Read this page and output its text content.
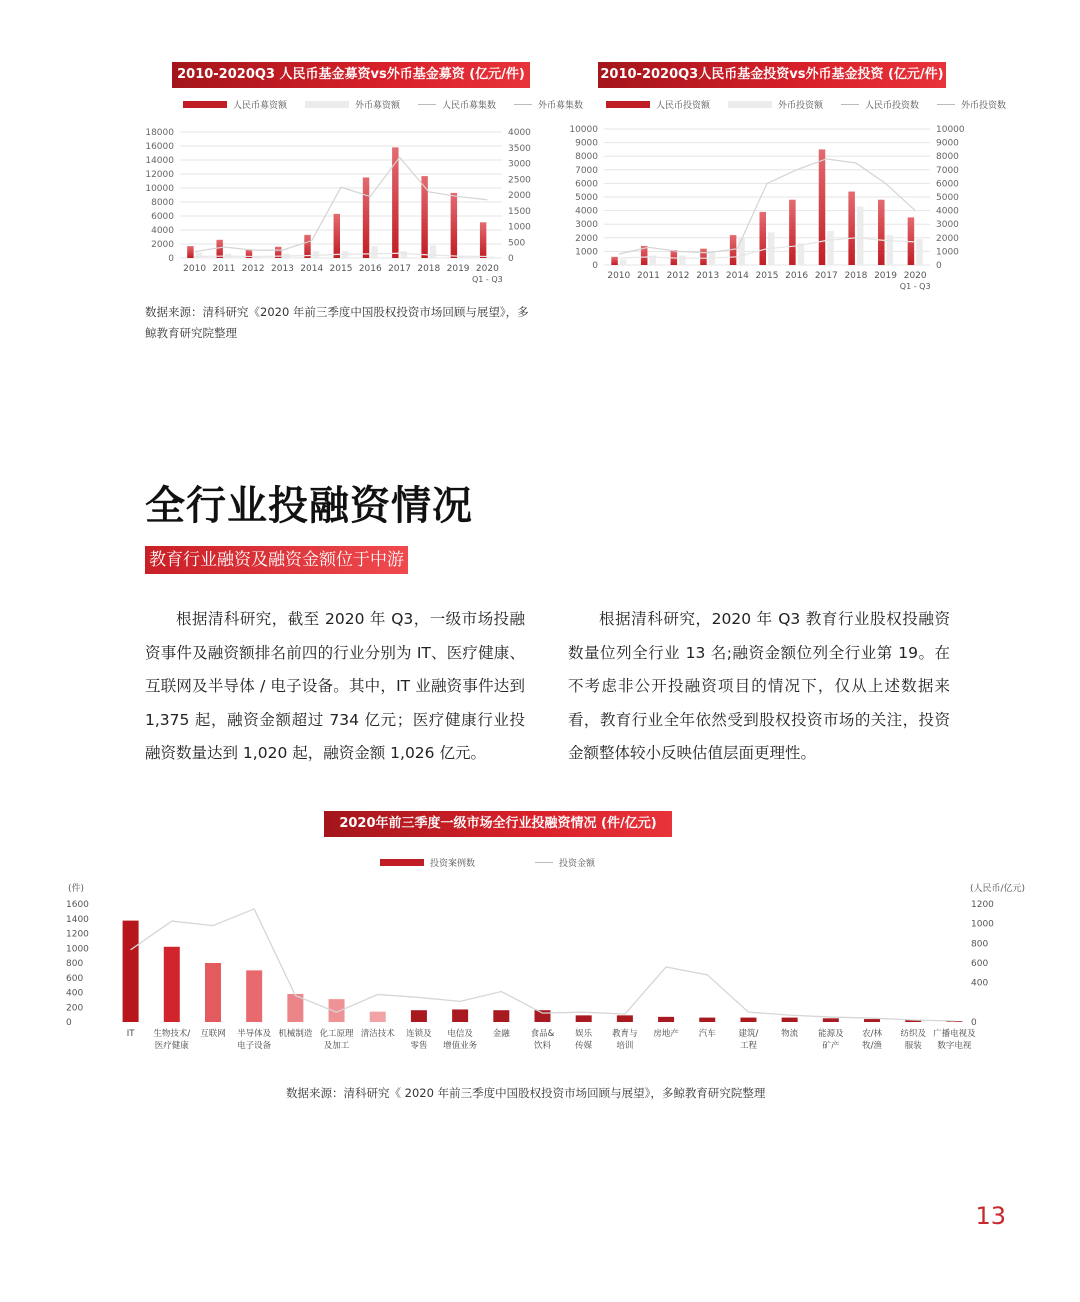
2010-2020Q3 人民币基金募资vs外币基金募资 (亿元/件)
人民币募资额	外币募资额	人民币募集数	外币募集数
18000
16000
14000
12000
10000
8000
6000
4000
2000
0
4000
3500
3000
2500
2000
1500
1000
500
0
2010 2011 2012 2013 2014 2015 2016 2017 2018 2019 2020
Q1 - Q3
2010-2020Q3人民币基金投资vs外币基金投资 (亿元/件)
人民币投资额	外币投资额	人民币投资数	外币投资数
10000
9000
8000
7000
6000
5000
4000
3000
2000
1000
0
10000
9000
8000
7000
6000
5000
4000
3000
2000
1000
0
2010 2011 2012 2013 2014 2015 2016 2017 2018 2019 2020
Q1 - Q3
数据来源：清科研究《2020 年前三季度中国股权投资市场回顾与展望》，多鲸教育研究院整理
全行业投融资情况
教育行业融资及融资金额位于中游
根据清科研究，截至 2020 年 Q3，一级市场投融资事件及融资额排名前四的行业分别为 IT、医疗健康、互联网及半导体 / 电子设备。其中，IT 业融资事件达到 1,375 起，融资金额超过 734 亿元；医疗健康行业投融资数量达到 1,020 起，融资金额 1,026 亿元。
根据清科研究，2020 年 Q3 教育行业股权投融资数量位列全行业 13 名;融资金额位列全行业第 19。在不考虑非公开投融资项目的情况下，仅从上述数据来看，教育行业全年依然受到股权投资市场的关注，投资金额整体较小反映估值层面更理性。
2020年前三季度一级市场全行业投融资情况 (件/亿元)
投资案例数	投资金额
(件)	(人民币/亿元)
1600
1400
1200
1000
800
600
400
200
0
1200
1000
800
600
400
0
IT 生物技术/
医疗健康
互联网 半导体及
电子设备
机械制造 化工原理
及加工
清洁技术 连锁及
零售
电信及
增值业务
金融 食品&
饮料
娱乐
传媒
教育与
培训
房地产 汽车	建筑/
工程
物流 能源及
矿产
农/林
牧/渔
纺织及
服装
广播电视及
数字电视
数据来源：清科研究《 2020 年前三季度中国股权投资市场回顾与展望》，多鲸教育研究院整理
13
